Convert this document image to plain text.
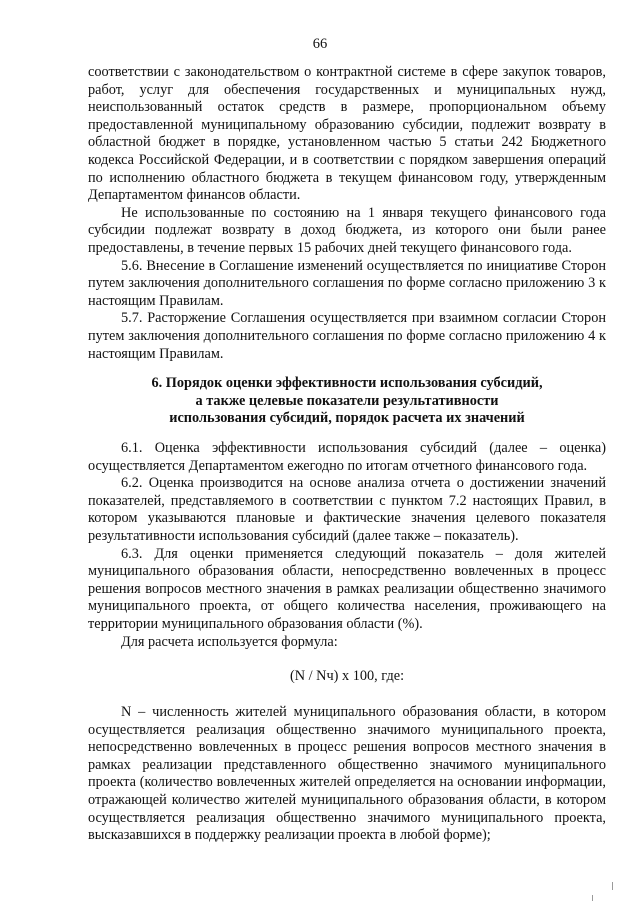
66

соответствии с законодательством о контрактной системе в сфере закупок товаров, работ, услуг для обеспечения государственных и муниципальных нужд, неиспользованный остаток средств в размере, пропорциональном объему предоставленной муниципальному образованию субсидии, подлежит возврату в областной бюджет в порядке, установленном частью 5 статьи 242 Бюджетного кодекса Российской Федерации, и в соответствии с порядком завершения операций по исполнению областного бюджета в текущем финансовом году, утвержденным Департаментом финансов области.

Не использованные по состоянию на 1 января текущего финансового года субсидии подлежат возврату в доход бюджета, из которого они были ранее предоставлены, в течение первых 15 рабочих дней текущего финансового года.

5.6. Внесение в Соглашение изменений осуществляется по инициативе Сторон путем заключения дополнительного соглашения по форме согласно приложению 3 к настоящим Правилам.

5.7. Расторжение Соглашения осуществляется при взаимном согласии Сторон путем заключения дополнительного соглашения по форме согласно приложению 4 к настоящим Правилам.

6. Порядок оценки эффективности использования субсидий,
а также целевые показатели результативности
использования субсидий, порядок расчета их значений

6.1. Оценка эффективности использования субсидий (далее – оценка) осуществляется Департаментом ежегодно по итогам отчетного финансового года.

6.2. Оценка производится на основе анализа отчета о достижении значений показателей, представляемого в соответствии с пунктом 7.2 настоящих Правил, в котором указываются плановые и фактические значения целевого показателя результативности использования субсидий (далее также – показатель).

6.3. Для оценки применяется следующий показатель – доля жителей муниципального образования области, непосредственно вовлеченных в процесс решения вопросов местного значения в рамках реализации общественно значимого муниципального проекта, от общего количества населения, проживающего на территории муниципального образования области (%).

Для расчета используется формула:

(N / Nч) x 100, где:

N – численность жителей муниципального образования области, в котором осуществляется реализация общественно значимого муниципального проекта, непосредственно вовлеченных в процесс решения вопросов местного значения в рамках реализации представленного общественно значимого муниципального проекта (количество вовлеченных жителей определяется на основании информации, отражающей количество жителей муниципального образования области, в котором осуществляется реализация общественно значимого муниципального проекта, высказавшихся в поддержку реализации проекта в любой форме);
